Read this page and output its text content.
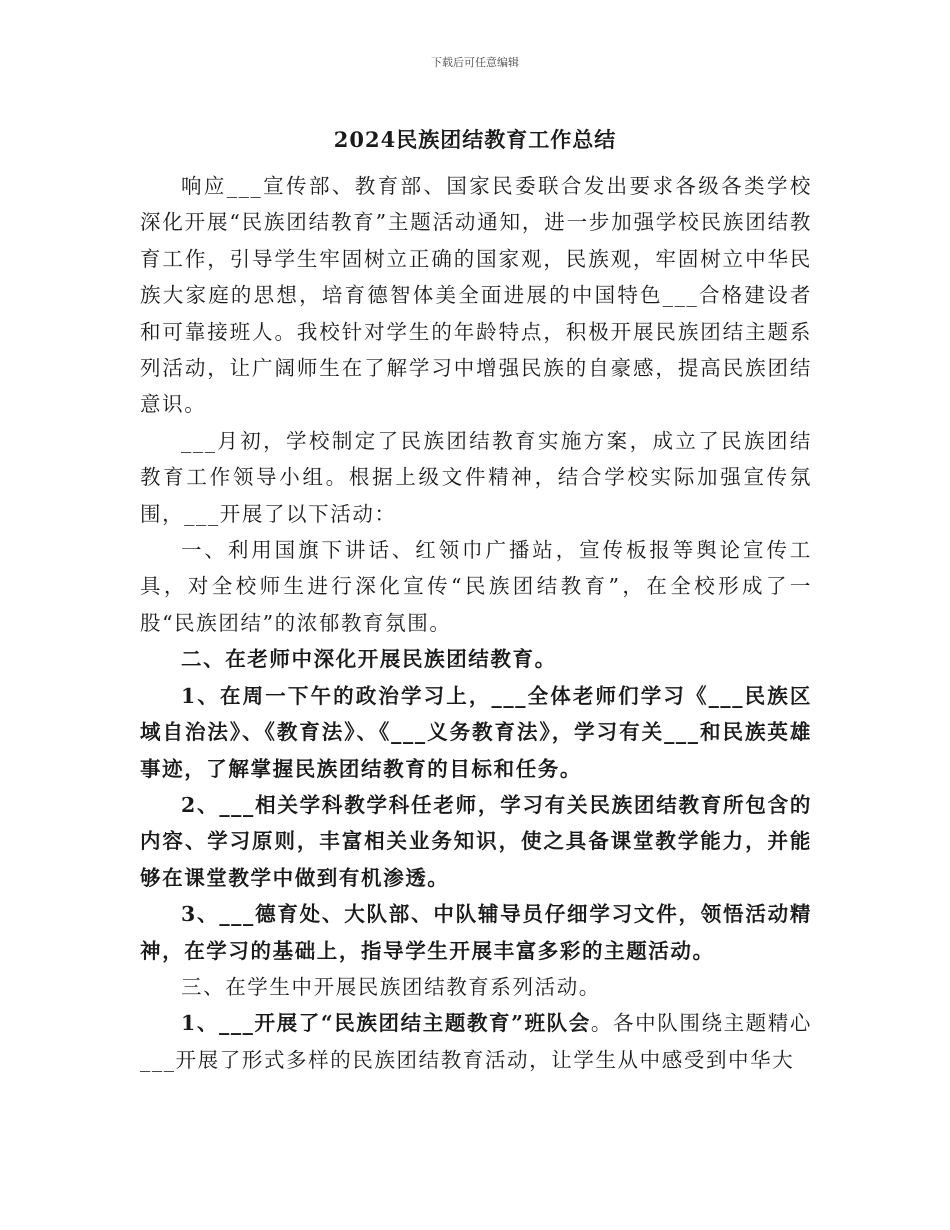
下载后可任意编辑
2024民族团结教育工作总结

响应___宣传部、教育部、国家民委联合发出要求各级各类学校深化开展“民族团结教育”主题活动通知，进一步加强学校民族团结教育工作，引导学生牢固树立正确的国家观，民族观，牢固树立中华民族大家庭的思想，培育德智体美全面进展的中国特色___合格建设者和可靠接班人。我校针对学生的年龄特点，积极开展民族团结主题系列活动，让广阔师生在了解学习中增强民族的自豪感，提高民族团结意识。

___月初，学校制定了民族团结教育实施方案，成立了民族团结教育工作领导小组。根据上级文件精神，结合学校实际加强宣传氛围，___开展了以下活动：

一、利用国旗下讲话、红领巾广播站，宣传板报等舆论宣传工具，对全校师生进行深化宣传“民族团结教育”，在全校形成了一股“民族团结”的浓郁教育氛围。

二、在老师中深化开展民族团结教育。

1、在周一下午的政治学习上，___全体老师们学习《___民族区域自治法》、《教育法》、《___义务教育法》，学习有关___和民族英雄事迹，了解掌握民族团结教育的目标和任务。

2、___相关学科教学科任老师，学习有关民族团结教育所包含的内容、学习原则，丰富相关业务知识，使之具备课堂教学能力，并能够在课堂教学中做到有机渗透。

3、___德育处、大队部、中队辅导员仔细学习文件，领悟活动精神，在学习的基础上，指导学生开展丰富多彩的主题活动。

三、在学生中开展民族团结教育系列活动。

1、___开展了“民族团结主题教育”班队会。各中队围绕主题精心___开展了形式多样的民族团结教育活动，让学生从中感受到中华大
